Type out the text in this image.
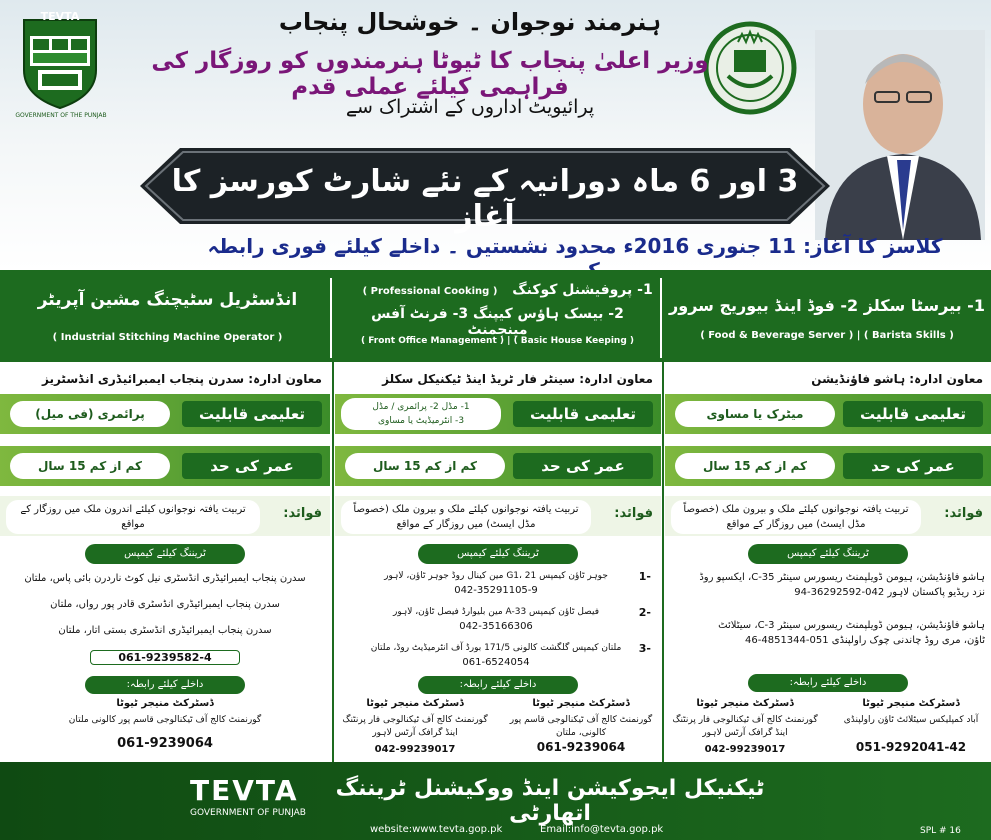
TEVTA
GOVERNMENT OF THE PUNJAB
ہنرمند نوجوان ۔ خوشحال پنجاب
وزیر اعلیٰ پنجاب کا ٹیوٹا ہنرمندوں کو روزگار کی فراہمی کیلئے عملی قدم
پرائیویٹ اداروں کے اشتراک سے
3 اور 6 ماہ دورانیہ کے نئے شارٹ کورسز کا آغاز
کلاسز کا آغاز: 11 جنوری 2016ء محدود نشستیں ۔ داخلے کیلئے فوری رابطہ
1- بیرسٹا سکلز 2- فوڈ اینڈ بیوریج سرور
( Food & Beverage Server ) | ( Barista Skills )
( Professional Cooking )	1- پروفیشنل کوکنگ
2- بیسک ہاؤس کیپنگ 3- فرنٹ آفس مینجمنٹ
( Front Office Management ) | ( Basic House Keeping )
انڈسٹریل سٹیچنگ مشین آپریٹر
( Industrial Stitching Machine Operator )
معاون ادارہ: ہاشو فاؤنڈیشن
تعلیمی قابلیت
میٹرک یا مساوی
عمر کی حد
کم از کم 15 سال
فوائد:
تربیت یافتہ نوجوانوں کیلئے ملک و بیرون ملک (خصوصاً مڈل ایسٹ) میں روزگار کے مواقع
ٹریننگ کیلئے کیمپس
ہاشو فاؤنڈیشن، ہیومن ڈویلپمنٹ ریسورس سینٹر 35-C، ایکسپو روڈ نزد ریڈیو پاکستان لاہور 042-36292592-94
ہاشو فاؤنڈیشن، ہیومن ڈویلپمنٹ ریسورس سینٹر 3-C، سیٹلائٹ ٹاؤن، مری روڈ چاندنی چوک راولپنڈی 051-4851344-46
داخلے کیلئے رابطہ:
ڈسٹرکٹ منیجر ٹیوٹا
گورنمنٹ کالج آف ٹیکنالوجی فار پرنٹنگ اینڈ گرافک آرٹس لاہور
042-99239017
ڈسٹرکٹ منیجر ٹیوٹا
آباد کمپلیکس سیٹلائٹ ٹاؤن راولپنڈی
051-9292041-42
معاون ادارہ: سینٹر فار ٹریڈ اینڈ ٹیکنیکل سکلز
تعلیمی قابلیت
1- مڈل 2- پرائمری / مڈل
3- انٹرمیڈیٹ یا مساوی
عمر کی حد
کم از کم 15 سال
فوائد:
تربیت یافتہ نوجوانوں کیلئے ملک و بیرون ملک (خصوصاً مڈل ایسٹ) میں روزگار کے مواقع
ٹریننگ کیلئے کیمپس
1-
جوہر ٹاؤن کیمپس G1، 21 مین کینال روڈ جوہر ٹاؤن، لاہور
042-35291105-9
2-
فیصل ٹاؤن کیمپس A-33 مین بلیوارڈ فیصل ٹاؤن، لاہور
042-35166306
3-
ملتان کیمپس گلگشت کالونی 171/5 بورڈ آف انٹرمیڈیٹ روڈ، ملتان
061-6524054
داخلے کیلئے رابطہ:
ڈسٹرکٹ منیجر ٹیوٹا
گورنمنٹ کالج آف ٹیکنالوجی فار پرنٹنگ اینڈ گرافک آرٹس لاہور
042-99239017
ڈسٹرکٹ منیجر ٹیوٹا
گورنمنٹ کالج آف ٹیکنالوجی قاسم پور کالونی، ملتان
061-9239064
معاون ادارہ: سدرن پنجاب ایمبرائیڈری انڈسٹریز
تعلیمی قابلیت
پرائمری (فی میل)
عمر کی حد
کم از کم 15 سال
فوائد:
تربیت یافتہ نوجوانوں کیلئے اندرون ملک میں روزگار کے مواقع
ٹریننگ کیلئے کیمپس
سدرن پنجاب ایمبرائیڈری انڈسٹری نیل کوٹ ناردرن بائی پاس، ملتان
سدرن پنجاب ایمبرائیڈری انڈسٹری قادر پور رواں، ملتان
سدرن پنجاب ایمبرائیڈری انڈسٹری بستی اتار، ملتان
061-9239582-4
داخلے کیلئے رابطہ:
ڈسٹرکٹ منیجر ٹیوٹا
گورنمنٹ کالج آف ٹیکنالوجی قاسم پور کالونی ملتان
061-9239064
TEVTA
GOVERNMENT OF PUNJAB
ٹیکنیکل ایجوکیشن اینڈ ووکیشنل ٹریننگ اتھارٹی
website:www.tevta.gop.pk	Email:info@tevta.gop.pk	SPL # 16
